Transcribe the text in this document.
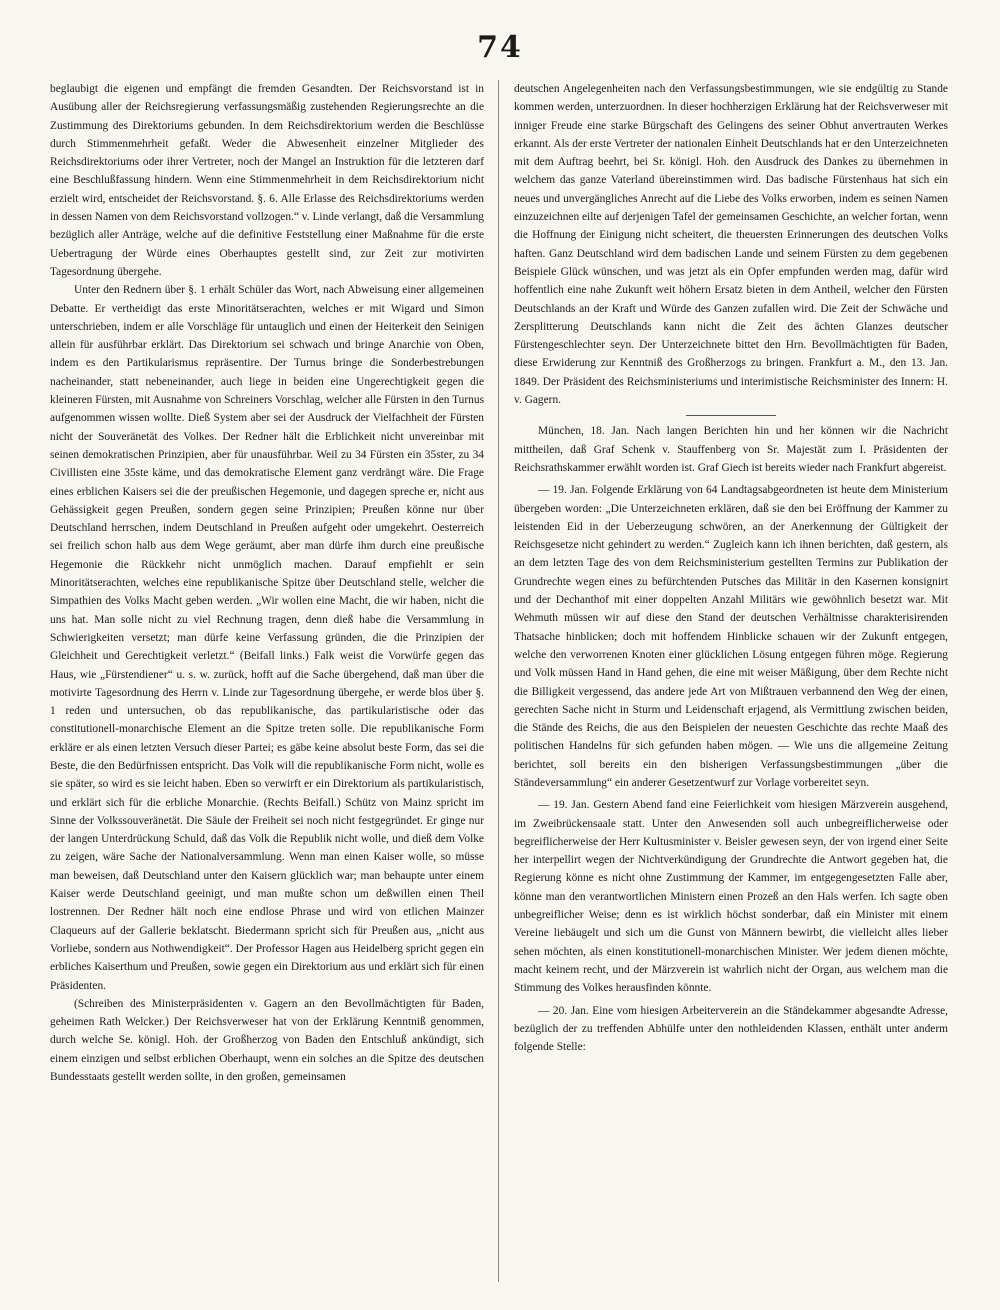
74

beglaubigt die eigenen und empfängt die fremden Gesandten. Der Reichsvorstand ist in Ausübung aller der Reichsregierung verfassungsmäßig zustehenden Regierungsrechte an die Zustimmung des Direktoriums gebunden. In dem Reichsdirektorium werden die Beschlüsse durch Stimmenmehrheit gefaßt. Weder die Abwesenheit einzelner Mitglieder des Reichsdirektoriums oder ihrer Vertreter, noch der Mangel an Instruktion für die letzteren darf eine Beschlußfassung hindern. Wenn eine Stimmenmehrheit in dem Reichsdirektorium nicht erzielt wird, entscheidet der Reichsvorstand. §. 6. Alle Erlasse des Reichsdirektoriums werden in dessen Namen von dem Reichsvorstand vollzogen.“ v. Linde verlangt, daß die Versammlung bezüglich aller Anträge, welche auf die definitive Feststellung einer Maßnahme für die erste Uebertragung der Würde eines Oberhauptes gestellt sind, zur Zeit zur motivirten Tagesordnung übergehe.

Unter den Rednern über §. 1 erhält Schüler das Wort, nach Abweisung einer allgemeinen Debatte. Er vertheidigt das erste Minoritätserachten, welches er mit Wigard und Simon unterschrieben, indem er alle Vorschläge für untauglich und einen der Heiterkeit den Seinigen allein für ausführbar erklärt. Das Direktorium sei schwach und bringe Anarchie von Oben, indem es den Partikularismus repräsentire. Der Turnus bringe die Sonderbestrebungen nacheinander, statt nebeneinander, auch liege in beiden eine Ungerechtigkeit gegen die kleineren Fürsten, mit Ausnahme von Schreiners Vorschlag, welcher alle Fürsten in den Turnus aufgenommen wissen wollte. Dieß System aber sei der Ausdruck der Vielfachheit der Fürsten nicht der Souveränetät des Volkes. Der Redner hält die Erblichkeit nicht unvereinbar mit seinen demokratischen Prinzipien, aber für unausführbar. Weil zu 34 Fürsten ein 35ster, zu 34 Civillisten eine 35ste käme, und das demokratische Element ganz verdrängt wäre. Die Frage eines erblichen Kaisers sei die der preußischen Hegemonie, und dagegen spreche er, nicht aus Gehässigkeit gegen Preußen, sondern gegen seine Prinzipien; Preußen könne nur über Deutschland herrschen, indem Deutschland in Preußen aufgeht oder umgekehrt. Oesterreich sei freilich schon halb aus dem Wege geräumt, aber man dürfe ihm durch eine preußische Hegemonie die Rückkehr nicht unmöglich machen. Darauf empfiehlt er sein Minoritätserachten, welches eine republikanische Spitze über Deutschland stelle, welcher die Simpathien des Volks Macht geben werden. „Wir wollen eine Macht, die wir haben, nicht die uns hat. Man solle nicht zu viel Rechnung tragen, denn dieß habe die Versammlung in Schwierigkeiten versetzt; man dürfe keine Verfassung gründen, die die Prinzipien der Gleichheit und Gerechtigkeit verletzt.“ (Beifall links.) Falk weist die Vorwürfe gegen das Haus, wie „Fürstendiener“ u. s. w. zurück, hofft auf die Sache übergehend, daß man über die motivirte Tagesordnung des Herrn v. Linde zur Tagesordnung übergehe, er werde blos über §. 1 reden und untersuchen, ob das republikanische, das partikularistische oder das constitutionell-monarchische Element an die Spitze treten solle. Die republikanische Form erkläre er als einen letzten Versuch dieser Partei; es gäbe keine absolut beste Form, das sei die Beste, die den Bedürfnissen entspricht. Das Volk will die republikanische Form nicht, wolle es sie später, so wird es sie leicht haben. Eben so verwirft er ein Direktorium als partikularistisch, und erklärt sich für die erbliche Monarchie. (Rechts Beifall.) Schütz von Mainz spricht im Sinne der Volkssouveränetät. Die Säule der Freiheit sei noch nicht festgegründet. Er ginge nur der langen Unterdrückung Schuld, daß das Volk die Republik nicht wolle, und dieß dem Volke zu zeigen, wäre Sache der Nationalversammlung. Wenn man einen Kaiser wolle, so müsse man beweisen, daß Deutschland unter den Kaisern glücklich war; man behaupte unter einem Kaiser werde Deutschland geeinigt, und man mußte schon um deßwillen einen Theil lostrennen. Der Redner hält noch eine endlose Phrase und wird von etlichen Mainzer Claqueurs auf der Gallerie beklatscht. Biedermann spricht sich für Preußen aus, „nicht aus Vorliebe, sondern aus Nothwendigkeit“. Der Professor Hagen aus Heidelberg spricht gegen ein erbliches Kaiserthum und Preußen, sowie gegen ein Direktorium aus und erklärt sich für einen Präsidenten.

(Schreiben des Ministerpräsidenten v. Gagern an den Bevollmächtigten für Baden, geheimen Rath Welcker.) Der Reichsverweser hat von der Erklärung Kenntniß genommen, durch welche Se. königl. Hoh. der Großherzog von Baden den Entschluß ankündigt, sich einem einzigen und selbst erblichen Oberhaupt, wenn ein solches an die Spitze des deutschen Bundesstaats gestellt werden sollte, in den großen, gemeinsamen

deutschen Angelegenheiten nach den Verfassungsbestimmungen, wie sie endgültig zu Stande kommen werden, unterzuordnen. In dieser hochherzigen Erklärung hat der Reichsverweser mit inniger Freude eine starke Bürgschaft des Gelingens des seiner Obhut anvertrauten Werkes erkannt. Als der erste Vertreter der nationalen Einheit Deutschlands hat er den Unterzeichneten mit dem Auftrag beehrt, bei Sr. königl. Hoh. den Ausdruck des Dankes zu übernehmen in welchem das ganze Vaterland übereinstimmen wird. Das badische Fürstenhaus hat sich ein neues und unvergängliches Anrecht auf die Liebe des Volks erworben, indem es seinen Namen einzuzeichnen eilte auf derjenigen Tafel der gemeinsamen Geschichte, an welcher fortan, wenn die Hoffnung der Einigung nicht scheitert, die theuersten Erinnerungen des deutschen Volks haften. Ganz Deutschland wird dem badischen Lande und seinem Fürsten zu dem gegebenen Beispiele Glück wünschen, und was jetzt als ein Opfer empfunden werden mag, dafür wird hoffentlich eine nahe Zukunft weit höhern Ersatz bieten in dem Antheil, welcher den Fürsten Deutschlands an der Kraft und Würde des Ganzen zufallen wird. Die Zeit der Schwäche und Zersplitterung Deutschlands kann nicht die Zeit des ächten Glanzes deutscher Fürstengeschlechter seyn. Der Unterzeichnete bittet den Hrn. Bevollmächtigten für Baden, diese Erwiderung zur Kenntniß des Großherzogs zu bringen. Frankfurt a. M., den 13. Jan. 1849. Der Präsident des Reichsministeriums und interimistische Reichsminister des Innern: H. v. Gagern.

München, 18. Jan. Nach langen Berichten hin und her können wir die Nachricht mittheilen, daß Graf Schenk v. Stauffenberg von Sr. Majestät zum I. Präsidenten der Reichsrathskammer erwählt worden ist. Graf Giech ist bereits wieder nach Frankfurt abgereist.

— 19. Jan. Folgende Erklärung von 64 Landtagsabgeordneten ist heute dem Ministerium übergeben worden: „Die Unterzeichneten erklären, daß sie den bei Eröffnung der Kammer zu leistenden Eid in der Ueberzeugung schwören, an der Anerkennung der Gültigkeit der Reichsgesetze nicht gehindert zu werden.“ Zugleich kann ich ihnen berichten, daß gestern, als an dem letzten Tage des von dem Reichsministerium gestellten Termins zur Publikation der Grundrechte wegen eines zu befürchtenden Putsches das Militär in den Kasernen konsignirt und der Dechanthof mit einer doppelten Anzahl Militärs wie gewöhnlich besetzt war. Mit Wehmuth müssen wir auf diese den Stand der deutschen Verhältnisse charakterisirenden Thatsache hinblicken; doch mit hoffendem Hinblicke schauen wir der Zukunft entgegen, welche den verworrenen Knoten einer glücklichen Lösung entgegen führen möge. Regierung und Volk müssen Hand in Hand gehen, die eine mit weiser Mäßigung, über dem Rechte nicht die Billigkeit vergessend, das andere jede Art von Mißtrauen verbannend den Weg der einen, gerechten Sache nicht in Sturm und Leidenschaft erjagend, als Vermittlung zwischen beiden, die Stände des Reichs, die aus den Beispielen der neuesten Geschichte das rechte Maaß des politischen Handelns für sich gefunden haben mögen. — Wie uns die allgemeine Zeitung berichtet, soll bereits ein den bisherigen Verfassungsbestimmungen „über die Ständeversammlung“ ein anderer Gesetzentwurf zur Vorlage vorbereitet seyn.

— 19. Jan. Gestern Abend fand eine Feierlichkeit vom hiesigen Märzverein ausgehend, im Zweibrückensaale statt. Unter den Anwesenden soll auch unbegreiflicherweise oder begreiflicherweise der Herr Kultusminister v. Beisler gewesen seyn, der von irgend einer Seite her interpellirt wegen der Nichtverkündigung der Grundrechte die Antwort gegeben hat, die Regierung könne es nicht ohne Zustimmung der Kammer, im entgegengesetzten Falle aber, könne man den verantwortlichen Ministern einen Prozeß an den Hals werfen. Ich sagte oben unbegreiflicher Weise; denn es ist wirklich höchst sonderbar, daß ein Minister mit einem Vereine liebäugelt und sich um die Gunst von Männern bewirbt, die vielleicht alles lieber sehen möchten, als einen konstitutionell-monarchischen Minister. Wer jedem dienen möchte, macht keinem recht, und der Märzverein ist wahrlich nicht der Organ, aus welchem man die Stimmung des Volkes herausfinden könnte.

— 20. Jan. Eine vom hiesigen Arbeiterverein an die Ständekammer abgesandte Adresse, bezüglich der zu treffenden Abhülfe unter den nothleidenden Klassen, enthält unter anderm folgende Stelle:
